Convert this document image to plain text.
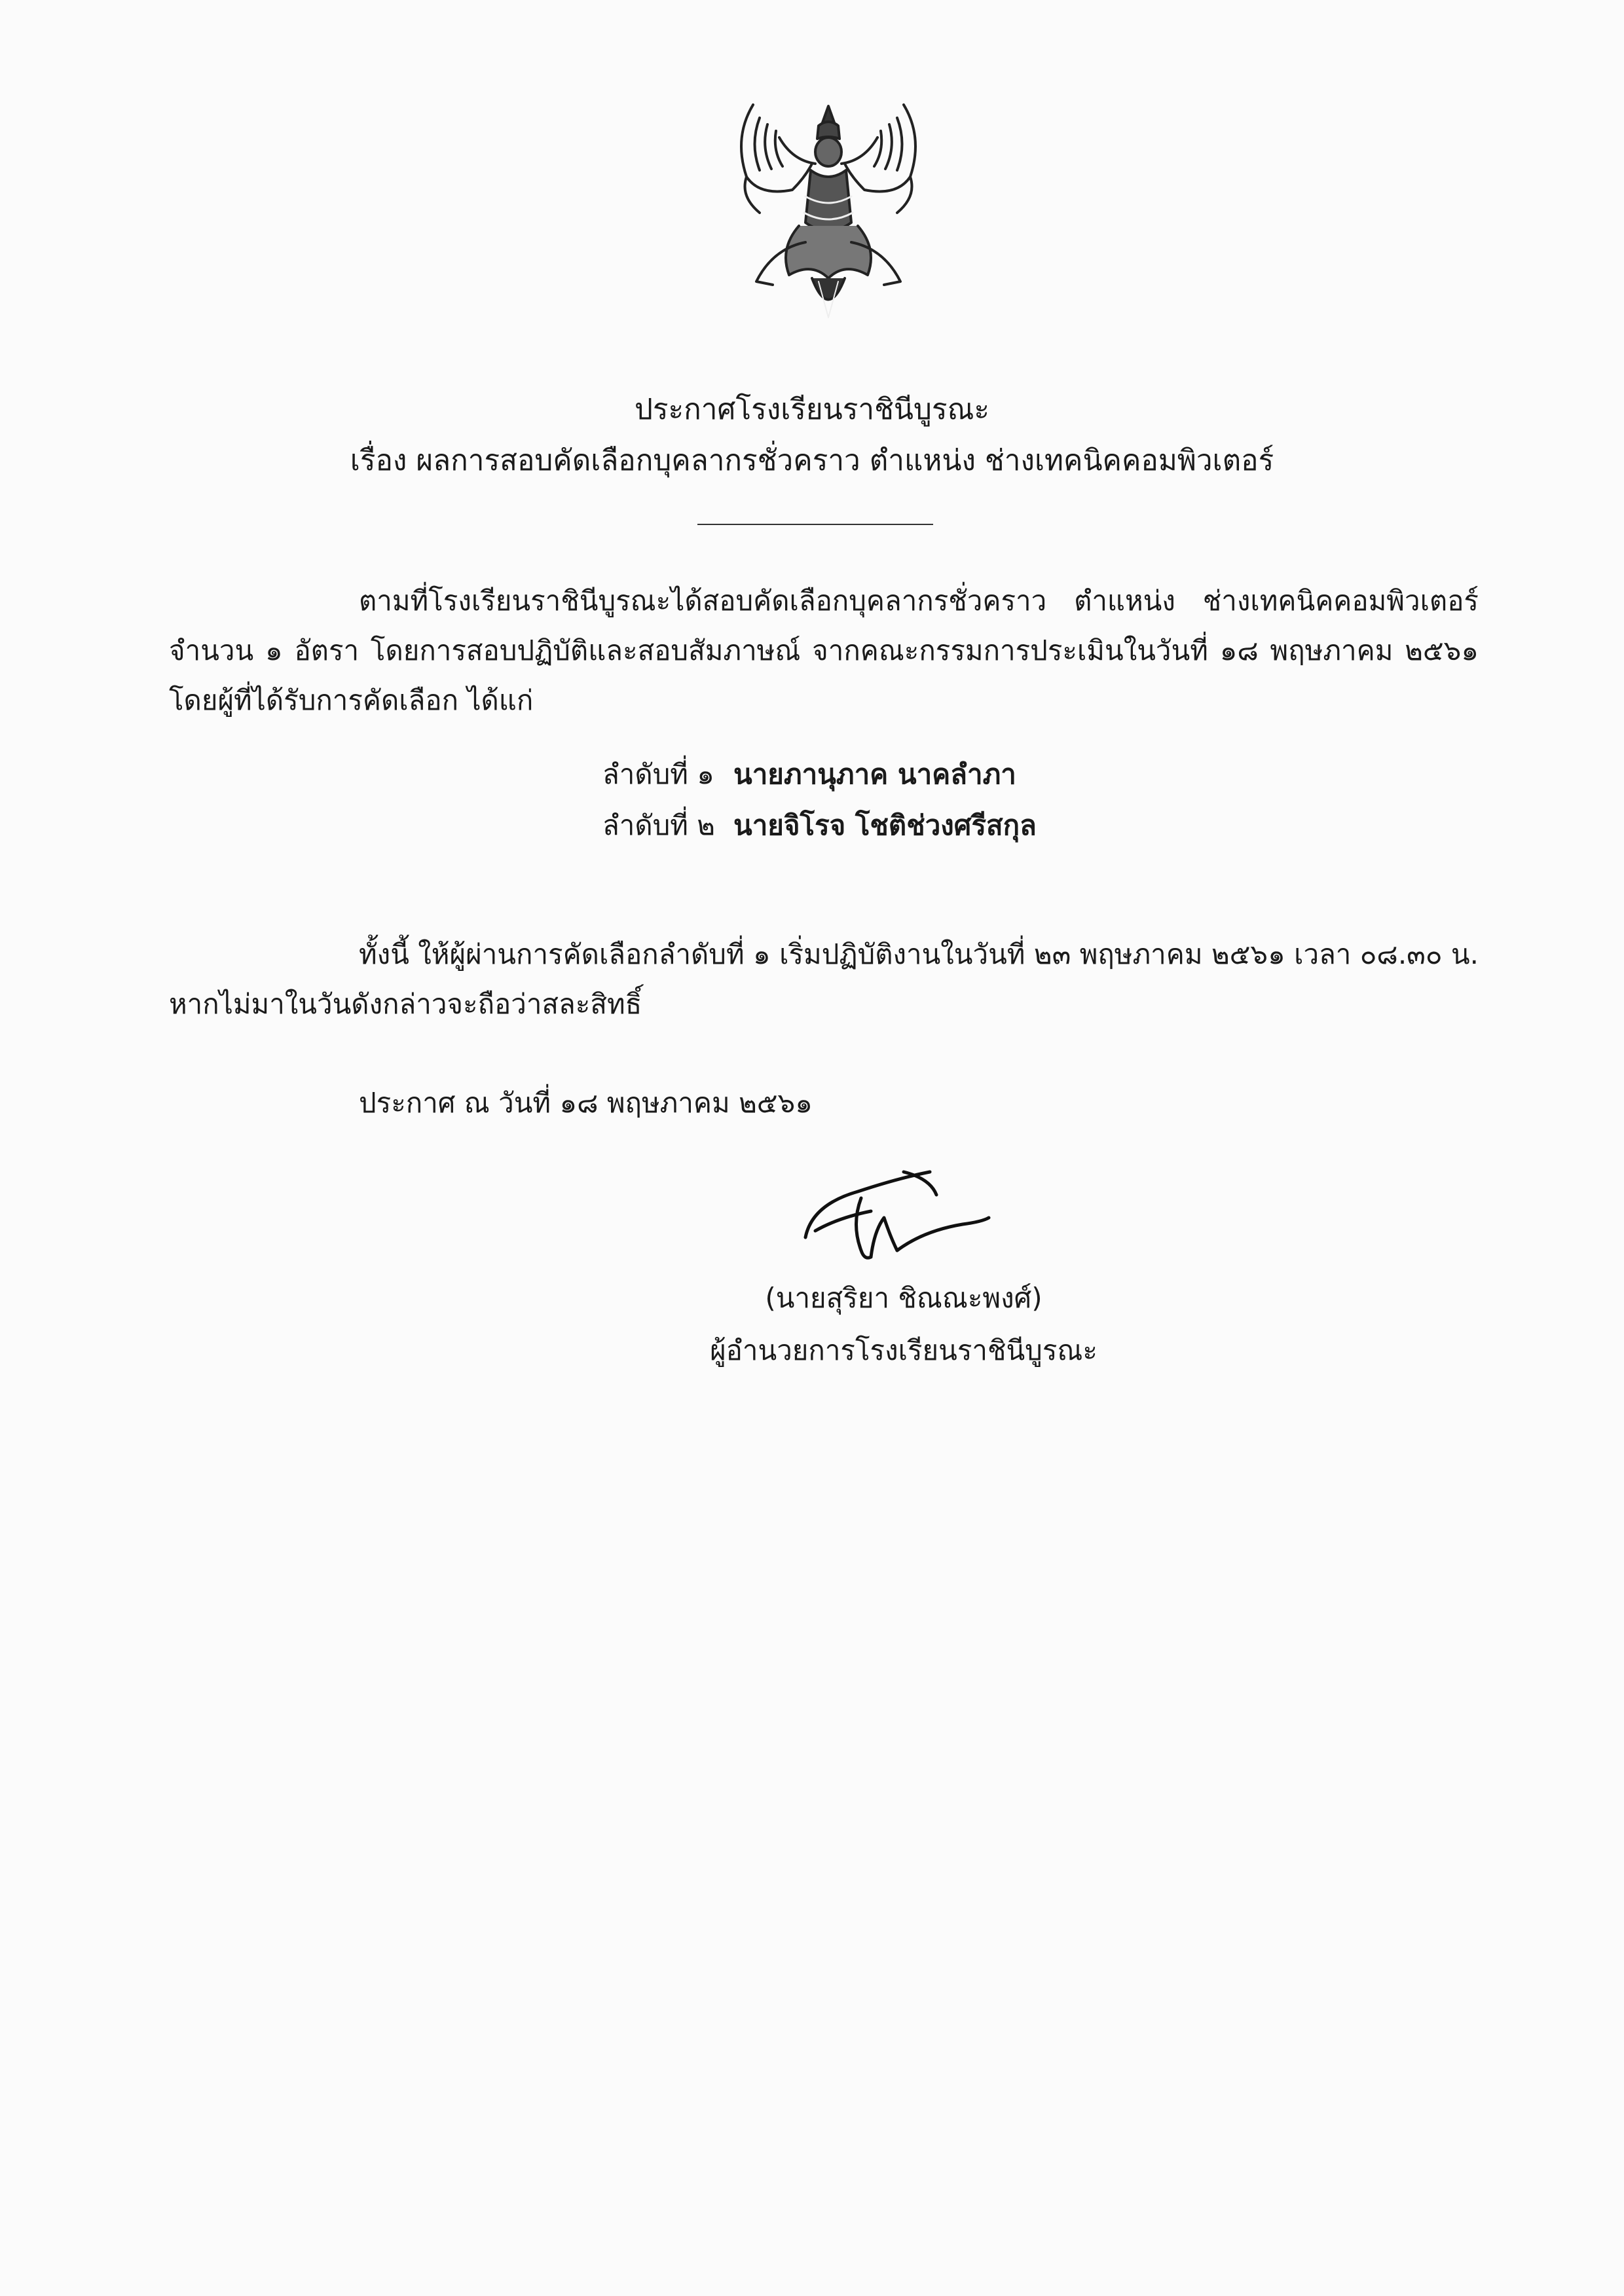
ประกาศโรงเรียนราชินีบูรณะ
เรื่อง ผลการสอบคัดเลือกบุคลากรชั่วคราว ตำแหน่ง ช่างเทคนิคคอมพิวเตอร์
ตามที่โรงเรียนราชินีบูรณะได้สอบคัดเลือกบุคลากรชั่วคราว ตำแหน่ง ช่างเทคนิคคอมพิวเตอร์ จำนวน ๑ อัตรา โดยการสอบปฏิบัติและสอบสัมภาษณ์ จากคณะกรรมการประเมินในวันที่ ๑๘ พฤษภาคม ๒๕๖๑ โดยผู้ที่ได้รับการคัดเลือก ได้แก่
ลำดับที่ ๑ นายภานุภาค นาคลำภา
ลำดับที่ ๒ นายจิโรจ โชติช่วงศรีสกุล
ทั้งนี้ ให้ผู้ผ่านการคัดเลือกลำดับที่ ๑ เริ่มปฏิบัติงานในวันที่ ๒๓ พฤษภาคม ๒๕๖๑ เวลา ๐๘.๓๐ น. หากไม่มาในวันดังกล่าวจะถือว่าสละสิทธิ์
ประกาศ ณ วันที่ ๑๘ พฤษภาคม ๒๕๖๑
(นายสุริยา ชิณณะพงศ์)
ผู้อำนวยการโรงเรียนราชินีบูรณะ
